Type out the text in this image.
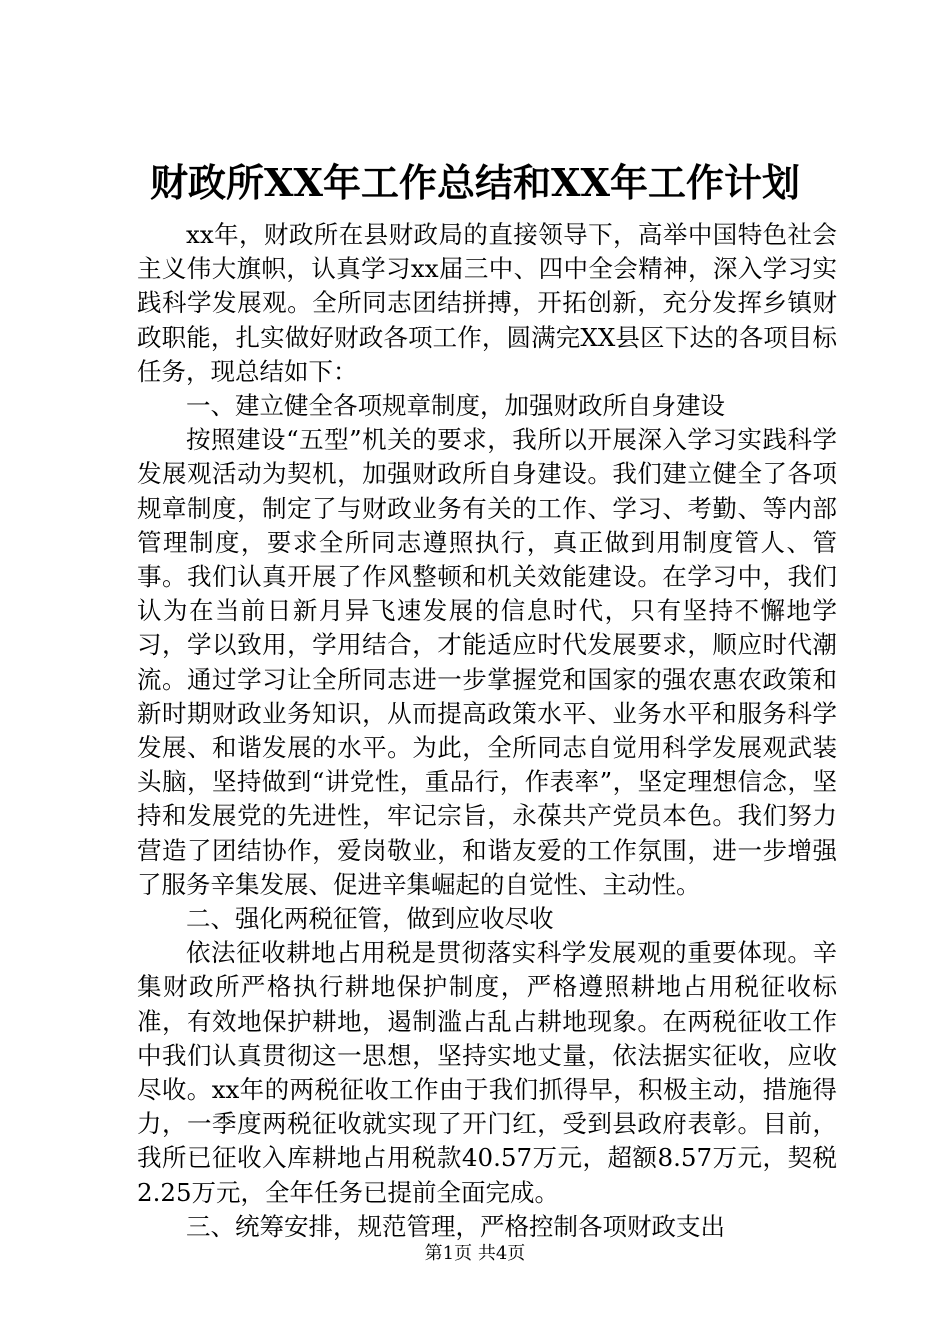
财政所XX年工作总结和XX年工作计划

xx年，财政所在县财政局的直接领导下，高举中国特色社会主义伟大旗帜，认真学习xx届三中、四中全会精神，深入学习实践科学发展观。全所同志团结拼搏，开拓创新，充分发挥乡镇财政职能，扎实做好财政各项工作，圆满完XX县区下达的各项目标任务，现总结如下：

一、建立健全各项规章制度，加强财政所自身建设

按照建设“五型”机关的要求，我所以开展深入学习实践科学发展观活动为契机，加强财政所自身建设。我们建立健全了各项规章制度，制定了与财政业务有关的工作、学习、考勤、等内部管理制度，要求全所同志遵照执行，真正做到用制度管人、管事。我们认真开展了作风整顿和机关效能建设。在学习中，我们认为在当前日新月异飞速发展的信息时代，只有坚持不懈地学习，学以致用，学用结合，才能适应时代发展要求，顺应时代潮流。通过学习让全所同志进一步掌握党和国家的强农惠农政策和新时期财政业务知识，从而提高政策水平、业务水平和服务科学发展、和谐发展的水平。为此，全所同志自觉用科学发展观武装头脑，坚持做到“讲党性，重品行，作表率”，坚定理想信念，坚持和发展党的先进性，牢记宗旨，永葆共产党员本色。我们努力营造了团结协作，爱岗敬业，和谐友爱的工作氛围，进一步增强了服务辛集发展、促进辛集崛起的自觉性、主动性。

二、强化两税征管，做到应收尽收

依法征收耕地占用税是贯彻落实科学发展观的重要体现。辛集财政所严格执行耕地保护制度，严格遵照耕地占用税征收标准，有效地保护耕地，遏制滥占乱占耕地现象。在两税征收工作中我们认真贯彻这一思想，坚持实地丈量，依法据实征收，应收尽收。xx年的两税征收工作由于我们抓得早，积极主动，措施得力，一季度两税征收就实现了开门红，受到县政府表彰。目前，我所已征收入库耕地占用税款40.57万元，超额8.57万元，契税2.25万元，全年任务已提前全面完成。

三、统筹安排，规范管理，严格控制各项财政支出

第1页 共4页
